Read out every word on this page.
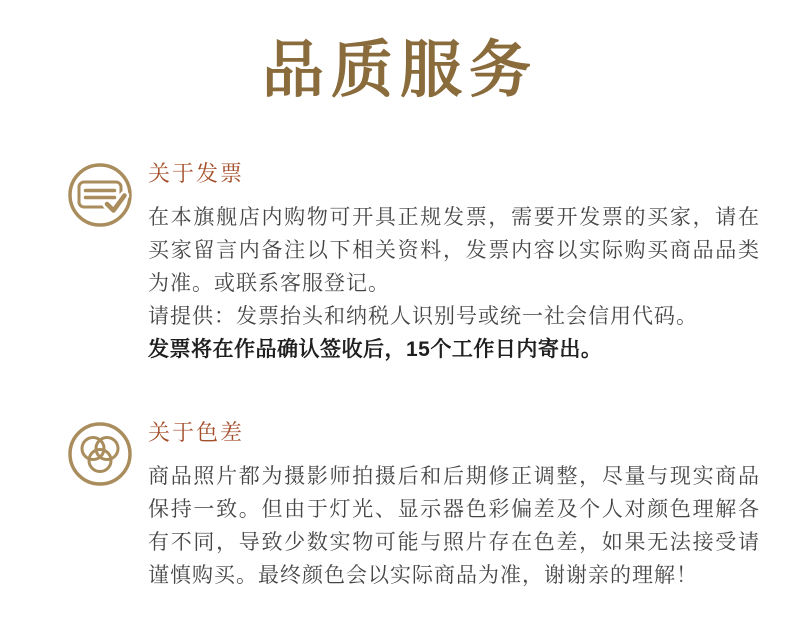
品质服务
关于发票

在本旗舰店内购物可开具正规发票，需要开发票的买家，请在买家留言内备注以下相关资料，发票内容以实际购买商品品类为准。或联系客服登记。

请提供：发票抬头和纳税人识别号或统一社会信用代码。

发票将在作品确认签收后，15个工作日内寄出。

关于色差

商品照片都为摄影师拍摄后和后期修正调整，尽量与现实商品保持一致。但由于灯光、显示器色彩偏差及个人对颜色理解各有不同，导致少数实物可能与照片存在色差，如果无法接受请谨慎购买。最终颜色会以实际商品为准，谢谢亲的理解！
